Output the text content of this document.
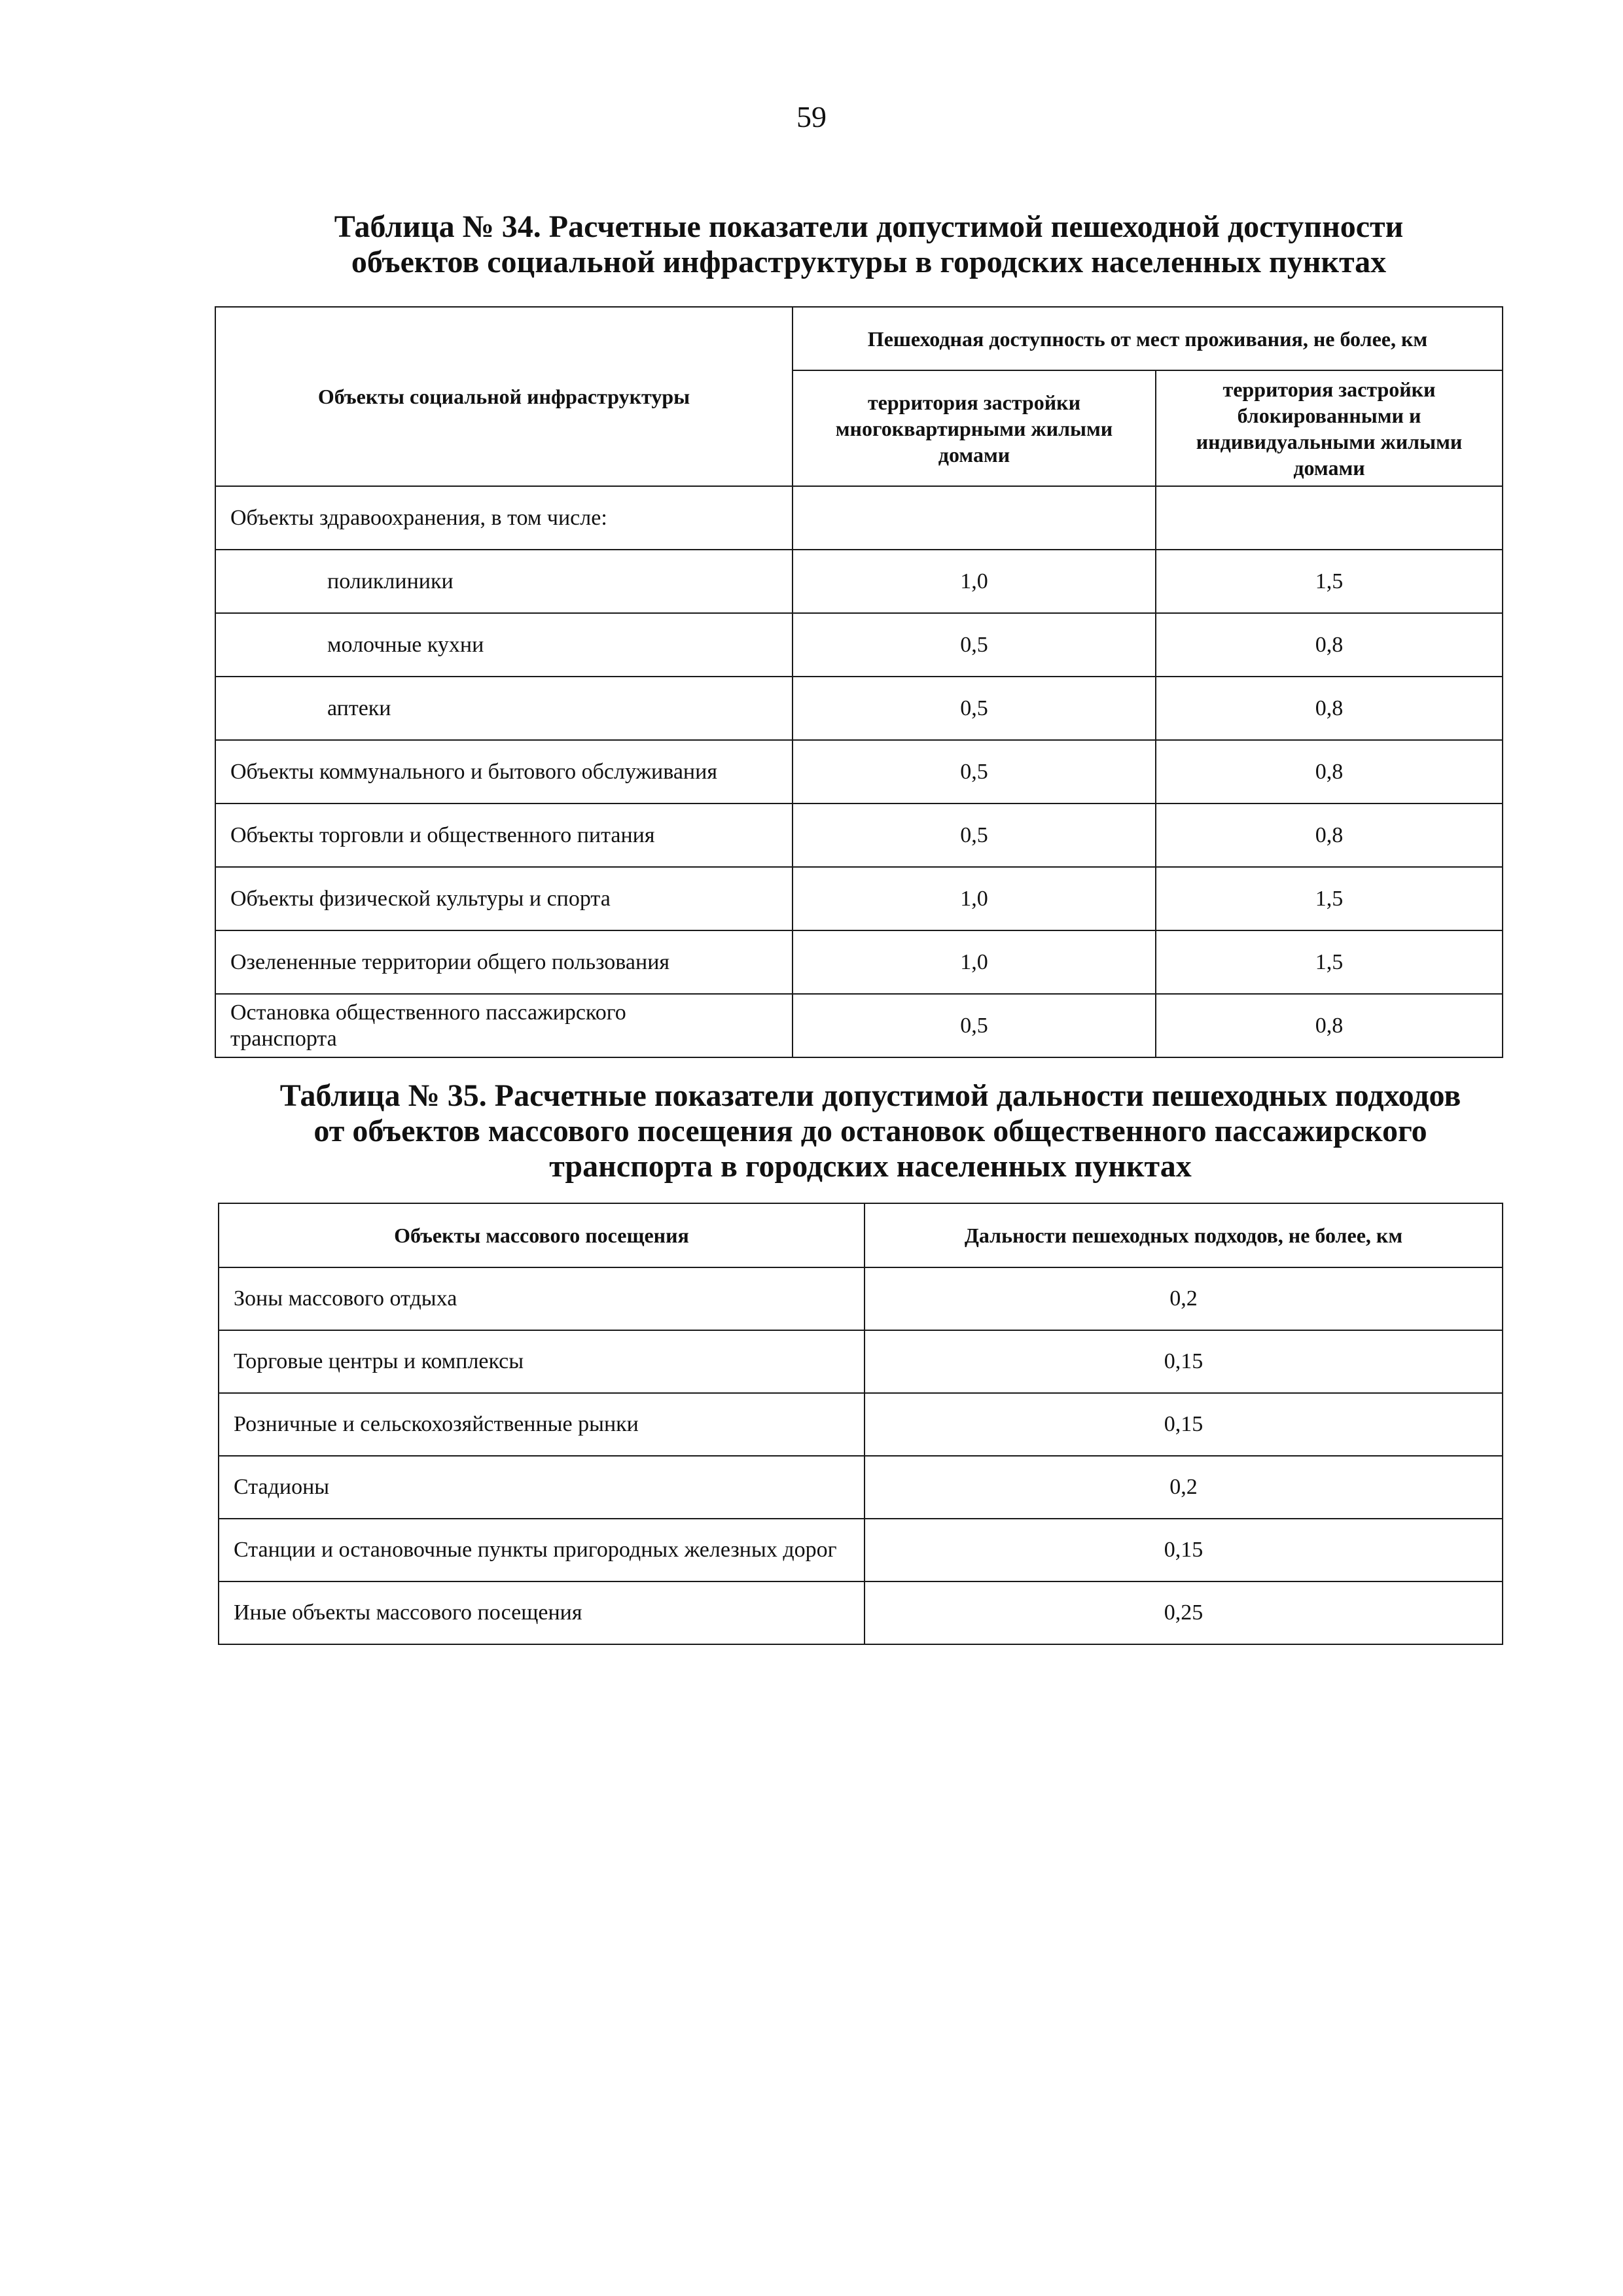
59
Таблица № 34. Расчетные показатели допустимой пешеходной доступности
объектов социальной инфраструктуры в городских населенных пунктах
Объекты социальной инфраструктуры	Пешеходная доступность от мест проживания, не более, км	
	территория застройки многоквартирными жилыми домами	территория застройки блокированными и индивидуальными жилыми домами
Объекты здравоохранения, в том числе:		
поликлиники	1,0	1,5
молочные кухни	0,5	0,8
аптеки	0,5	0,8
Объекты коммунального и бытового обслуживания	0,5	0,8
Объекты торговли и общественного питания	0,5	0,8
Объекты физической культуры и спорта	1,0	1,5
Озелененные территории общего пользования	1,0	1,5
Остановка общественного пассажирского транспорта	0,5	0,8
Таблица № 35. Расчетные показатели допустимой дальности пешеходных подходов
от объектов массового посещения до остановок общественного пассажирского
транспорта в городских населенных пунктах
Объекты массового посещения	Дальности пешеходных подходов, не более, км
Зоны массового отдыха	0,2
Торговые центры и комплексы	0,15
Розничные и сельскохозяйственные рынки	0,15
Стадионы	0,2
Станции и остановочные пункты пригородных железных дорог	0,15
Иные объекты массового посещения	0,25
